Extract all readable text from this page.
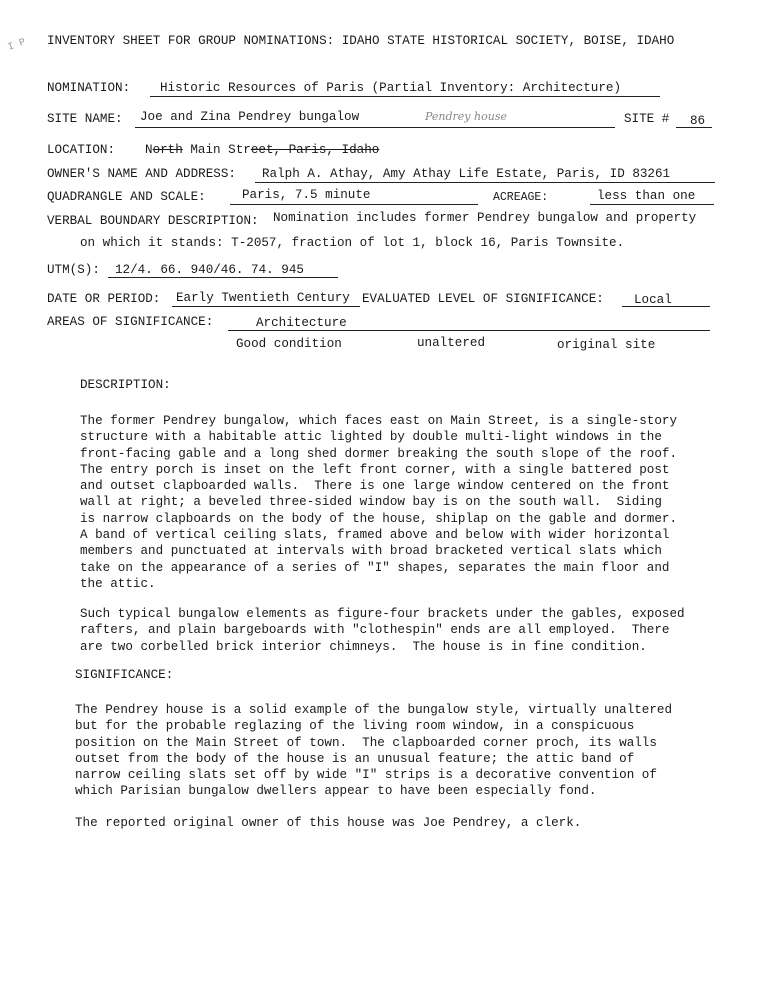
I P INVENTORY SHEET FOR GROUP NOMINATIONS: IDAHO STATE HISTORICAL SOCIETY, BOISE, IDAHO
NOMINATION: Historic Resources of Paris (Partial Inventory: Architecture)
SITE NAME: Joe and Zina Pendrey bungalow	Pendrey house	SITE # 86
LOCATION: North Main Street, Paris, Idaho
OWNER'S NAME AND ADDRESS: Ralph A. Athay, Amy Athay Life Estate, Paris, ID 83261
QUADRANGLE AND SCALE:	Paris, 7.5 minute	ACREAGE:	less than one
VERBAL BOUNDARY DESCRIPTION: Nomination includes former Pendrey bungalow and property
on which it stands: T-2057, fraction of lot 1, block 16, Paris Townsite.
UTM(S): 12/4. 66. 940/46. 74. 945
DATE OR PERIOD: Early Twentieth Century EVALUATED LEVEL OF SIGNIFICANCE: Local
AREAS OF SIGNIFICANCE:	Architecture
Good condition	unaltered	original site
DESCRIPTION:
The former Pendrey bungalow, which faces east on Main Street, is a single-story
structure with a habitable attic lighted by double multi-light windows in the
front-facing gable and a long shed dormer breaking the south slope of the roof.
The entry porch is inset on the left front corner, with a single battered post
and outset clapboarded walls.  There is one large window centered on the front
wall at right; a beveled three-sided window bay is on the south wall.  Siding
is narrow clapboards on the body of the house, shiplap on the gable and dormer.
A band of vertical ceiling slats, framed above and below with wider horizontal
members and punctuated at intervals with broad bracketed vertical slats which
take on the appearance of a series of "I" shapes, separates the main floor and
the attic.
Such typical bungalow elements as figure-four brackets under the gables, exposed
rafters, and plain bargeboards with "clothespin" ends are all employed.  There
are two corbelled brick interior chimneys.  The house is in fine condition.
SIGNIFICANCE:
The Pendrey house is a solid example of the bungalow style, virtually unaltered
but for the probable reglazing of the living room window, in a conspicuous
position on the Main Street of town.  The clapboarded corner proch, its walls
outset from the body of the house is an unusual feature; the attic band of
narrow ceiling slats set off by wide "I" strips is a decorative convention of
which Parisian bungalow dwellers appear to have been especially fond.
The reported original owner of this house was Joe Pendrey, a clerk.
